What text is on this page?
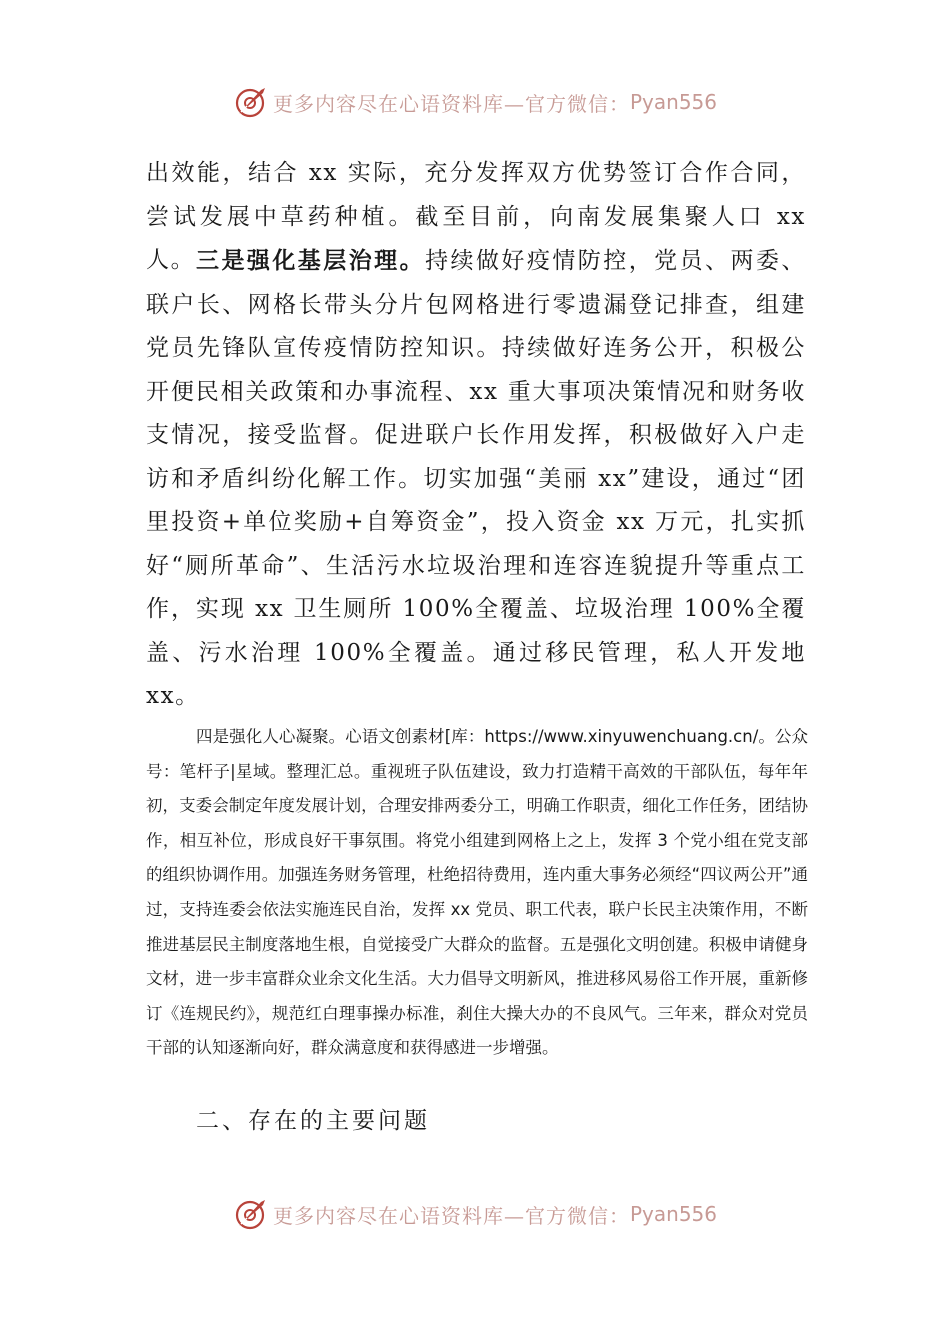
更多内容尽在心语资料库—官方微信： Pyan556

出效能，结合 xx 实际，充分发挥双方优势签订合作合同，尝试发展中草药种植。截至目前，向南发展集聚人口 xx 人。 三是强化基层治理。持续做好疫情防控，党员、两委、联户长、网格长带头分片包网格进行零遗漏登记排查，组建党员先锋队宣传疫情防控知识。持续做好连务公开，积极公开便民相关政策和办事流程、xx 重大事项决策情况和财务收支情况，接受监督。促进联户长作用发挥，积极做好入户走访和矛盾纠纷化解工作。切实加强“美丽 xx”建设，通过“团里投资+单位奖励+自筹资金”，投入资金 xx 万元，扎实抓好“厕所革命”、生活污水垃圾治理和连容连貌提升等重点工作，实现 xx 卫生厕所 100%全覆盖、垃圾治理 100%全覆盖、污水治理 100%全覆盖。通过移民管理，私人开发地 xx。

四是强化人心凝聚。心语文创素材[库：https://www.xinyuwenchuang.cn/。公众号：笔杆子|星域。整理汇总。重视班子队伍建设，致力打造精干高效的干部队伍，每年年初，支委会制定年度发展计划，合理安排两委分工，明确工作职责，细化工作任务，团结协作，相互补位，形成良好干事氛围。将党小组建到网格上之上，发挥 3 个党小组在党支部的组织协调作用。加强连务财务管理，杜绝招待费用，连内重大事务必须经“四议两公开”通过，支持连委会依法实施连民自治，发挥 xx 党员、职工代表，联户长民主决策作用，不断推进基层民主制度落地生根，自觉接受广大群众的监督。五是强化文明创建。积极申请健身文材，进一步丰富群众业余文化生活。大力倡导文明新风，推进移风易俗工作开展，重新修订《连规民约》，规范红白理事操办标准，刹住大操大办的不良风气。三年来，群众对党员干部的认知逐渐向好，群众满意度和获得感进一步增强。

二、存在的主要问题
更多内容尽在心语资料库—官方微信： Pyan556
